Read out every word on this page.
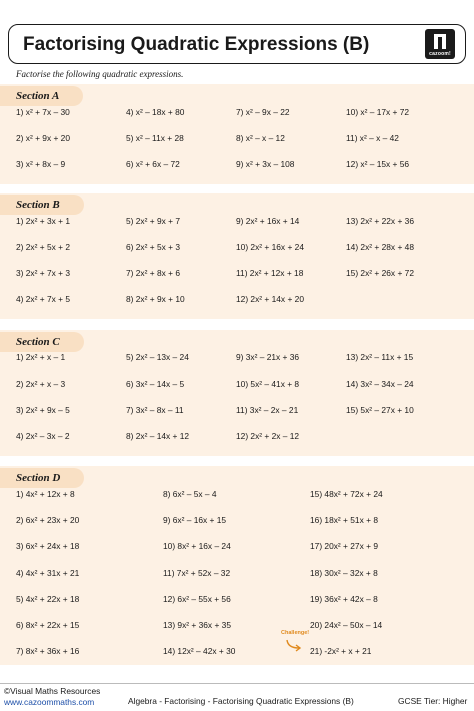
Factorising Quadratic Expressions (B)	cazoom!
Factorise the following quadratic expressions.
Section A
1) x² + 7x – 30	4) x² – 18x + 80	7) x² – 9x – 22	10) x² – 17x + 72
2) x² + 9x + 20	5) x² – 11x + 28	8) x² – x – 12	11) x² – x – 42
3) x² + 8x – 9	6) x² + 6x – 72	9) x² + 3x – 108	12) x² – 15x + 56
Section B
1) 2x² + 3x + 1	5) 2x² + 9x + 7	9) 2x² + 16x + 14	13) 2x² + 22x + 36
2) 2x² + 5x + 2	6) 2x² + 5x + 3	10) 2x² + 16x + 24	14) 2x² + 28x + 48
3) 2x² + 7x + 3	7) 2x² + 8x + 6	11) 2x² + 12x + 18	15) 2x² + 26x + 72
4) 2x² + 7x + 5	8) 2x² + 9x + 10	12) 2x² + 14x + 20
Section C
1) 2x² + x – 1	5) 2x² – 13x – 24	9) 3x² – 21x + 36	13) 2x² – 11x + 15
2) 2x² + x – 3	6) 3x² – 14x – 5	10) 5x² – 41x + 8	14) 3x² – 34x – 24
3) 2x² + 9x – 5	7) 3x² – 8x – 11	11) 3x² – 2x – 21	15) 5x² – 27x + 10
4) 2x² – 3x – 2	8) 2x² – 14x + 12	12) 2x² + 2x – 12
Section D
1) 4x² + 12x + 8	8) 6x² – 5x – 4	15) 48x² + 72x + 24
2) 6x² + 23x + 20	9) 6x² – 16x + 15	16) 18x² + 51x + 8
3) 6x² + 24x + 18	10) 8x² + 16x – 24	17) 20x² + 27x + 9
4) 4x² + 31x + 21	11) 7x² + 52x – 32	18) 30x² – 32x + 8
5) 4x² + 22x + 18	12) 6x² – 55x + 56	19) 36x² + 42x – 8
6) 8x² + 22x + 15	13) 9x² + 36x + 35	20) 24x² – 50x – 14
7) 8x² + 36x + 16	14) 12x² – 42x + 30	21) -2x² + x + 21
Challenge!
©Visual Maths Resources
www.cazoommaths.com	Algebra - Factorising - Factorising Quadratic Expressions (B)	GCSE Tier: Higher
